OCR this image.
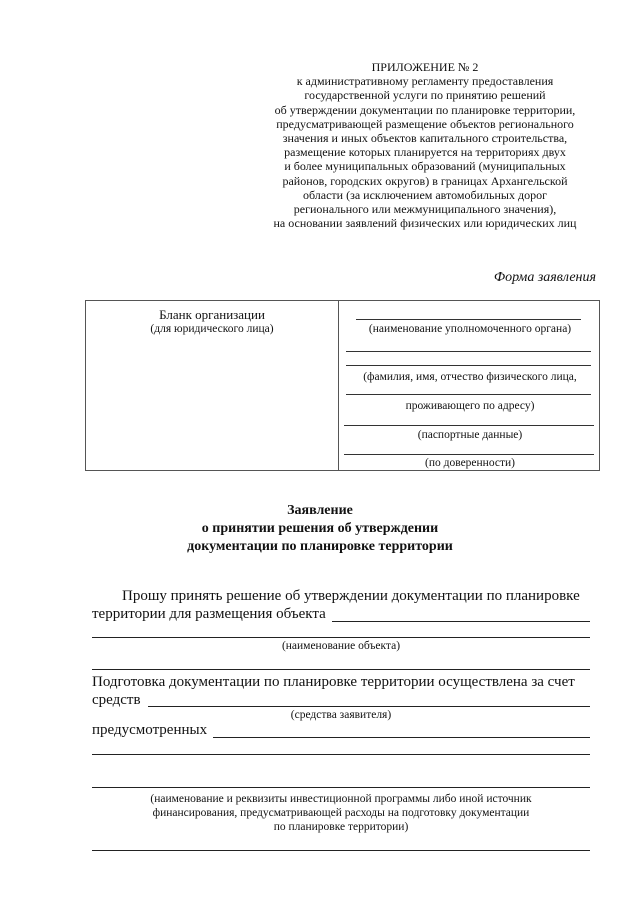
ПРИЛОЖЕНИЕ № 2
к административному регламенту предоставления
государственной услуги по принятию решений
об утверждении документации по планировке территории,
предусматривающей размещение объектов регионального
значения и иных объектов капитального строительства,
размещение которых планируется на территориях двух
и более муниципальных образований (муниципальных
районов, городских округов) в границах Архангельской
области (за исключением автомобильных дорог
регионального или межмуниципального значения),
на основании заявлений физических или юридических лиц
Форма заявления
Бланк организации
(для юридического лица)	(наименование уполномоченного органа)
(фамилия, имя, отчество физического лица,
проживающего по адресу)
(паспортные данные)
(по доверенности)
Заявление
о принятии решения об утверждении
документации по планировке территории
Прошу принять решение об утверждении документации по планировке
территории для размещения объекта
(наименование объекта)
Подготовка документации по планировке территории осуществлена за счет
средств
(средства заявителя)
предусмотренных
(наименование и реквизиты инвестиционной программы либо иной источник
финансирования, предусматривающей расходы на подготовку документации
по планировке территории)
